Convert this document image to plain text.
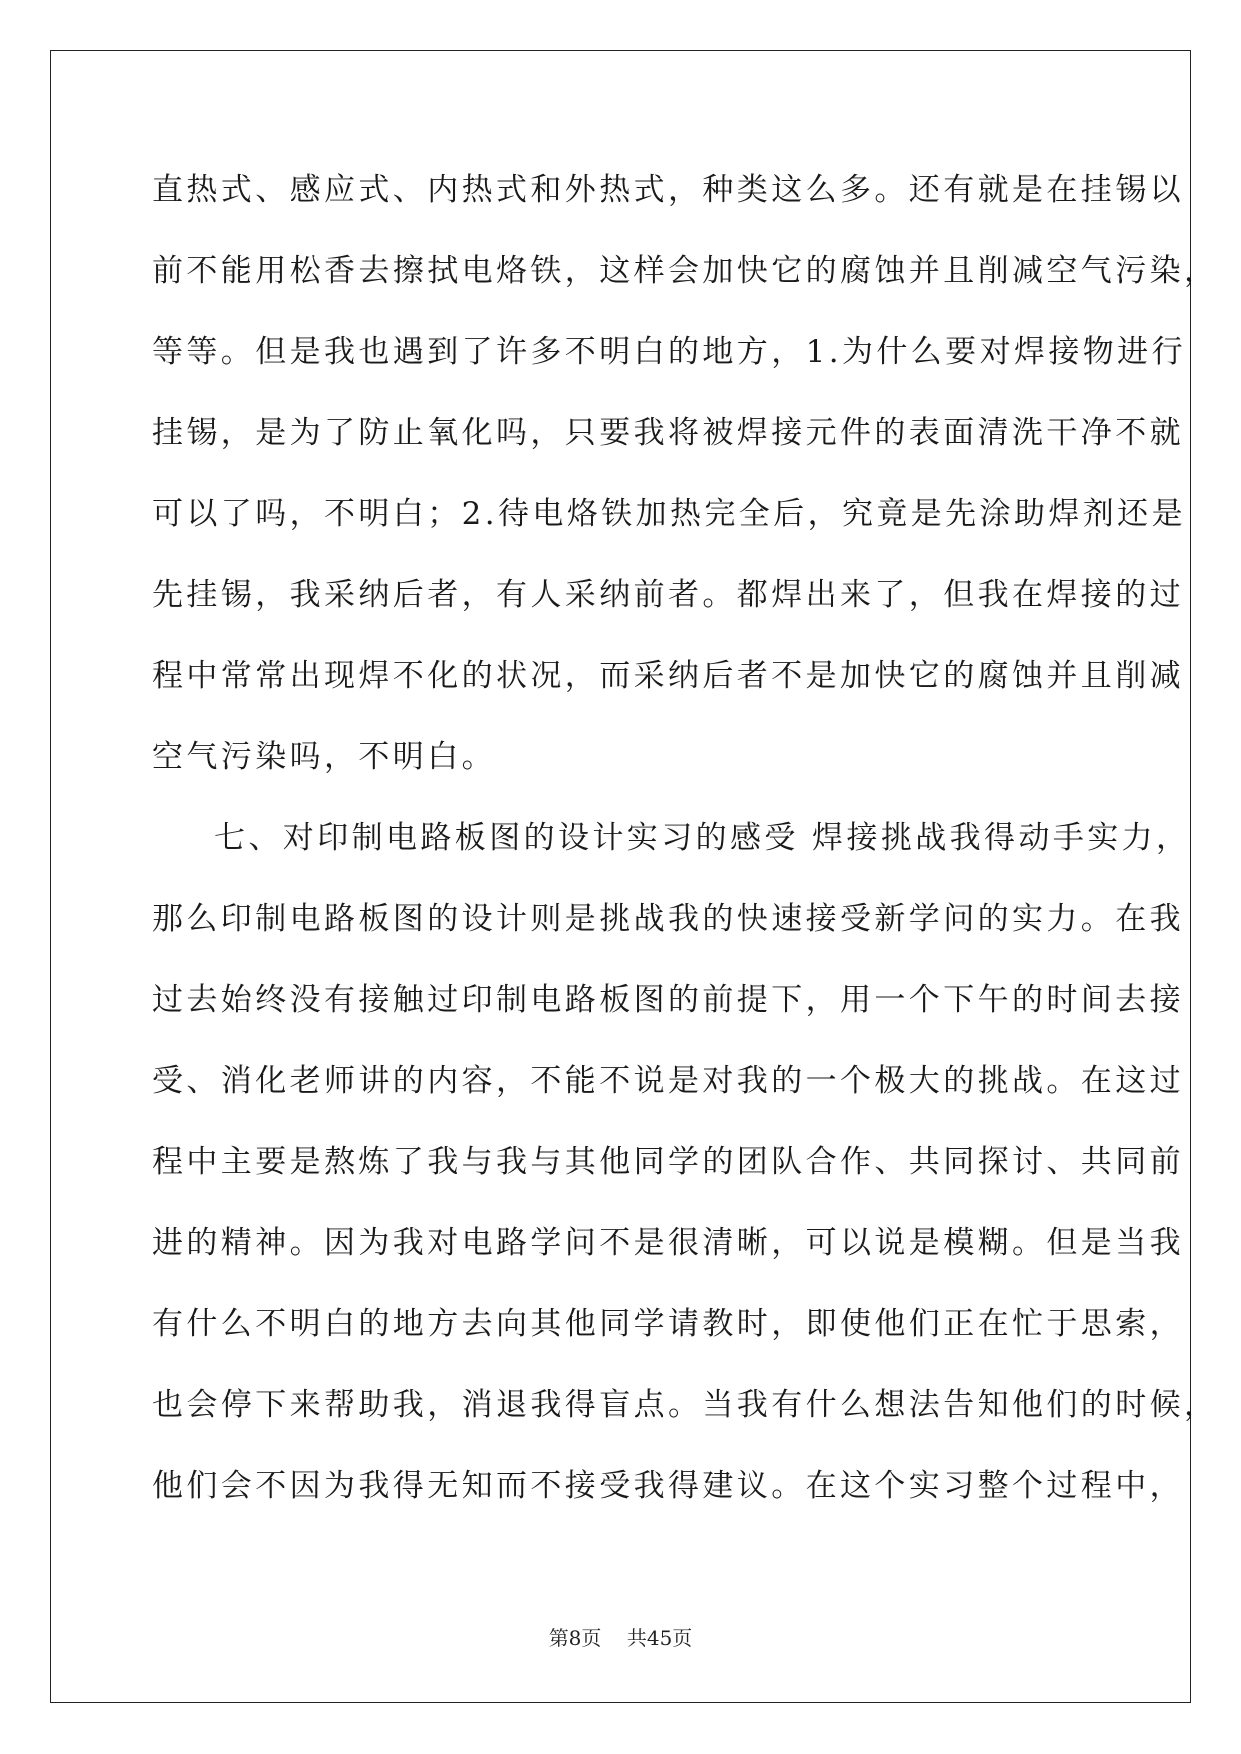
直热式、感应式、内热式和外热式，种类这么多。还有就是在挂锡以
前不能用松香去擦拭电烙铁，这样会加快它的腐蚀并且削减空气污染，
等等。但是我也遇到了许多不明白的地方，1.为什么要对焊接物进行
挂锡，是为了防止氧化吗，只要我将被焊接元件的表面清洗干净不就
可以了吗，不明白；2.待电烙铁加热完全后，究竟是先涂助焊剂还是
先挂锡，我采纳后者，有人采纳前者。都焊出来了，但我在焊接的过
程中常常出现焊不化的状况，而采纳后者不是加快它的腐蚀并且削减
空气污染吗，不明白。
七、对印制电路板图的设计实习的感受 焊接挑战我得动手实力，
那么印制电路板图的设计则是挑战我的快速接受新学问的实力。在我
过去始终没有接触过印制电路板图的前提下，用一个下午的时间去接
受、消化老师讲的内容，不能不说是对我的一个极大的挑战。在这过
程中主要是熬炼了我与我与其他同学的团队合作、共同探讨、共同前
进的精神。因为我对电路学问不是很清晰，可以说是模糊。但是当我
有什么不明白的地方去向其他同学请教时，即使他们正在忙于思索，
也会停下来帮助我，消退我得盲点。当我有什么想法告知他们的时候，
他们会不因为我得无知而不接受我得建议。在这个实习整个过程中，
第8页 共45页
